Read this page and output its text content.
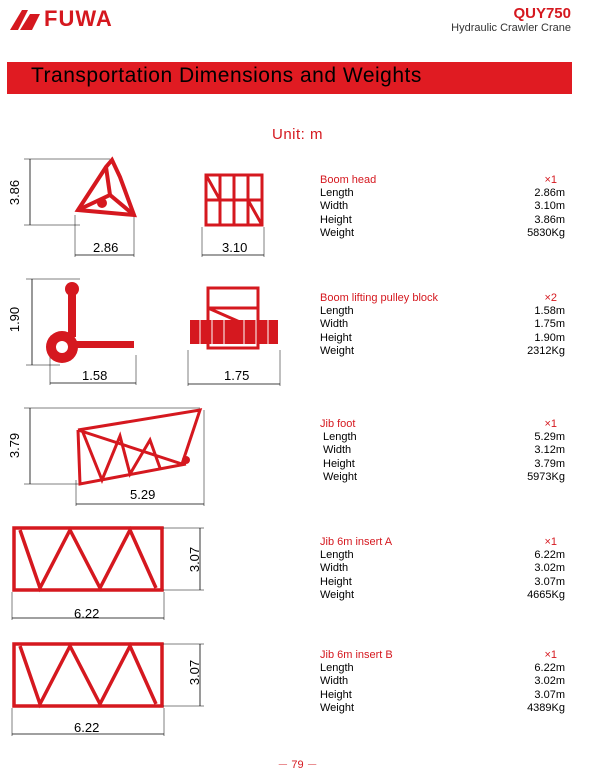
FUWA	QUY750
Hydraulic Crawler Crane
Transportation Dimensions and Weights
Unit: m
3.86
2.86	3.10
Boom head	×1
Length	2.86m
Width	3.10m
Height	3.86m
Weight	5830Kg
1.90
1.58	1.75
Boom lifting pulley block	×2
Length	1.58m
Width	1.75m
Height	1.90m
Weight	2312Kg
3.79
5.29
Jib foot	×1
Length	5.29m
Width	3.12m
Height	3.79m
Weight	5973Kg
3.07
6.22
Jib 6m insert A	×1
Length	6.22m
Width	3.02m
Height	3.07m
Weight	4665Kg
3.07
6.22
Jib 6m insert B	×1
Length	6.22m
Width	3.02m
Height	3.07m
Weight	4389Kg
－ 79 －
